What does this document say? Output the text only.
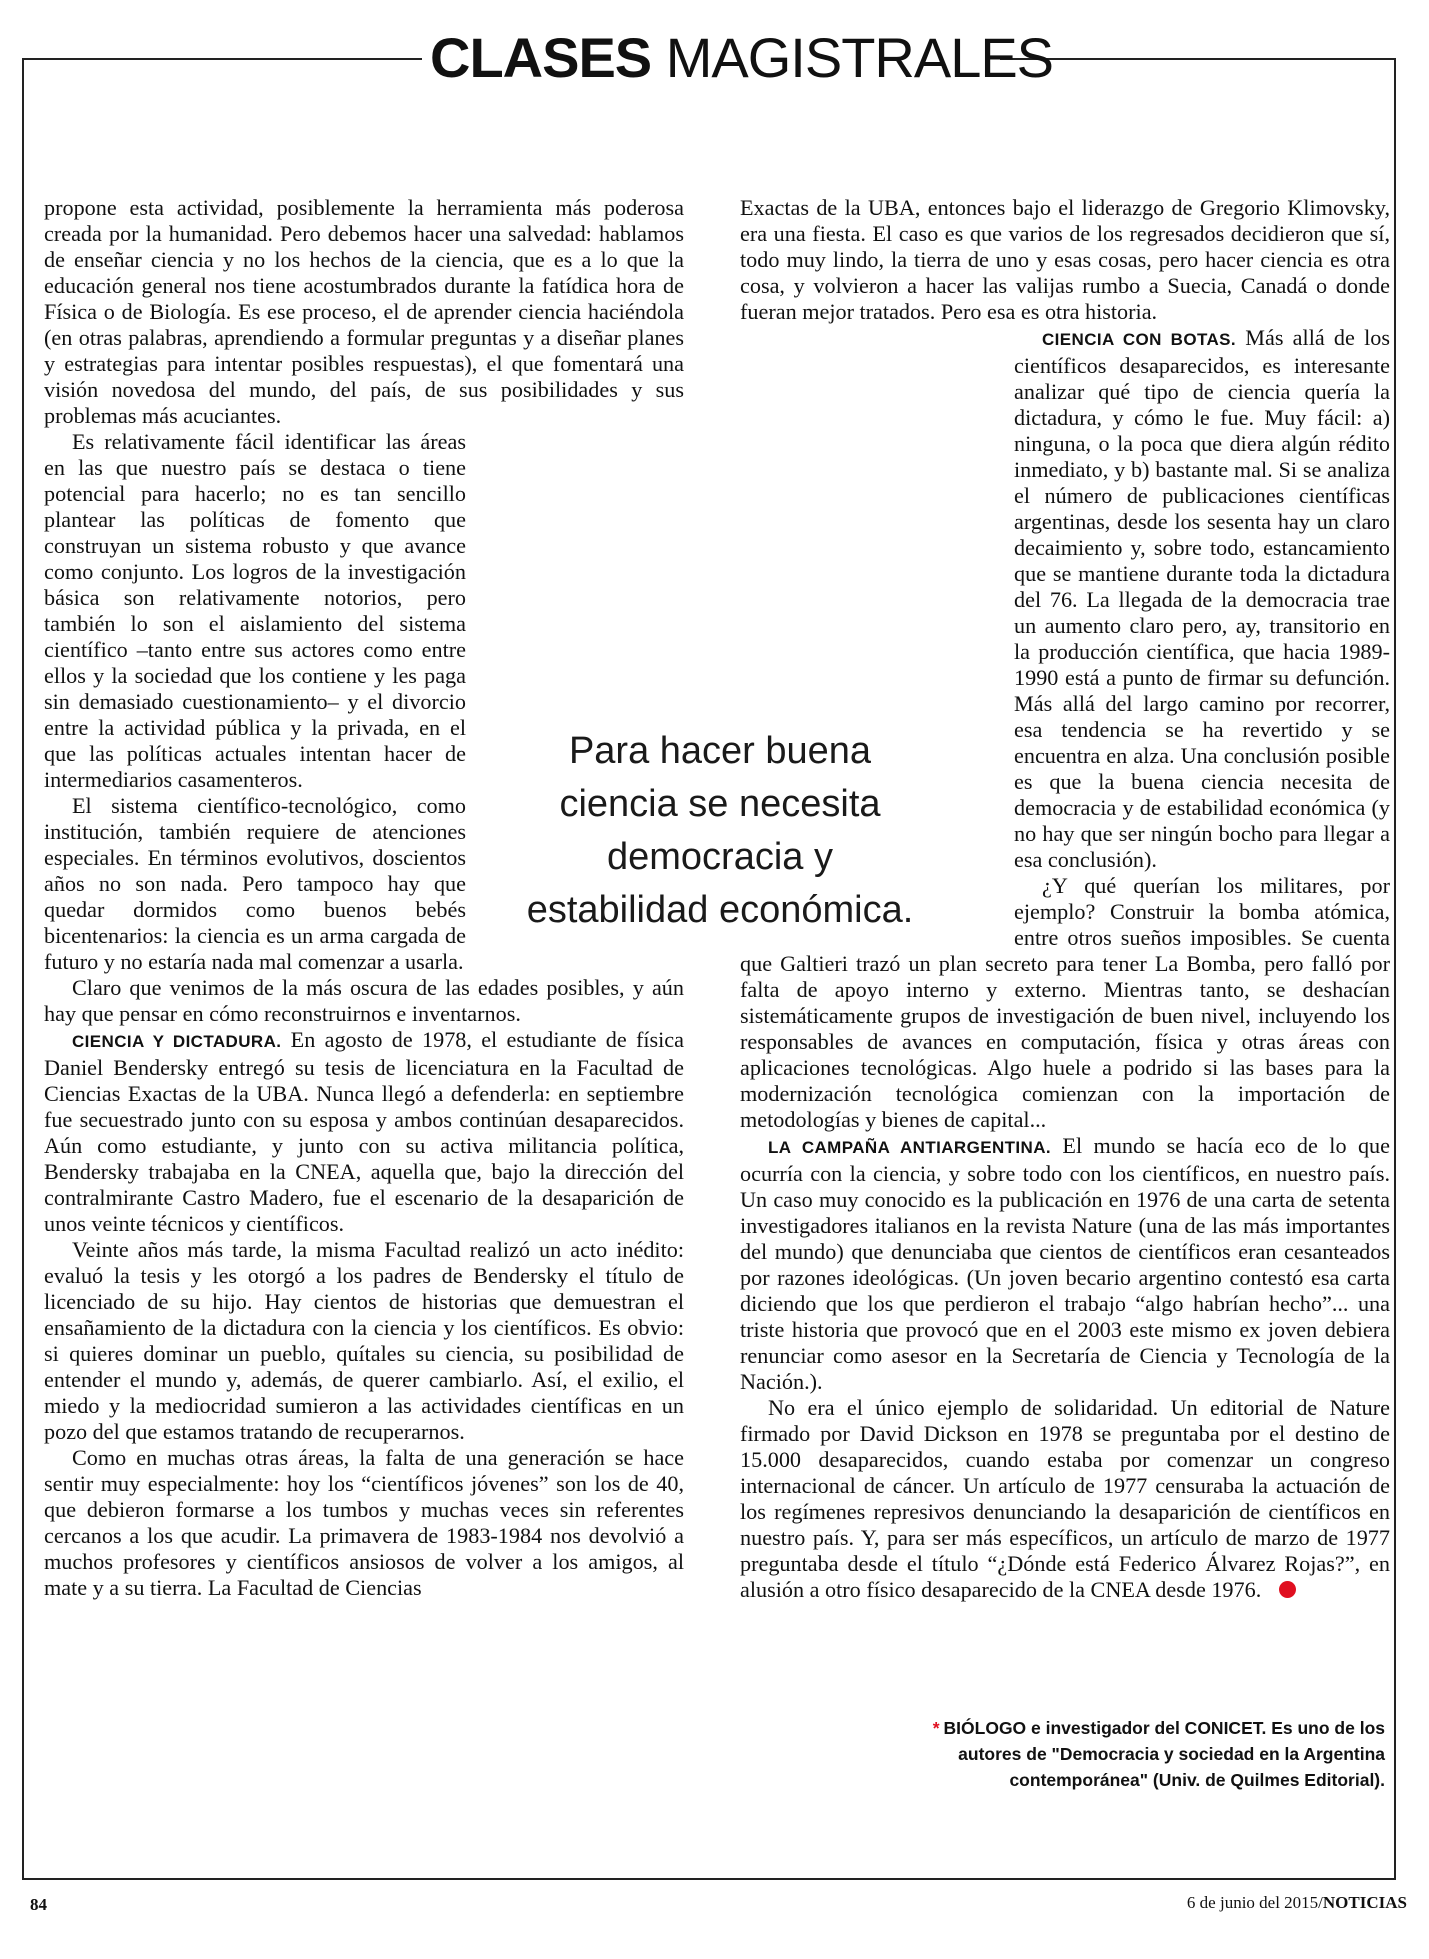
CLASES MAGISTRALES

propone esta actividad, posiblemente la herramienta más poderosa creada por la humanidad. Pero debemos hacer una salvedad: hablamos de enseñar ciencia y no los hechos de la ciencia, que es a lo que la educación general nos tiene acostumbrados durante la fatídica hora de Física o de Biología. Es ese proceso, el de aprender ciencia haciéndola (en otras palabras, aprendiendo a formular preguntas y a diseñar planes y estrategias para intentar posibles respuestas), el que fomentará una visión novedosa del mundo, del país, de sus posibilidades y sus problemas más acuciantes.

Es relativamente fácil identificar las áreas en las que nuestro país se destaca o tiene potencial para hacerlo; no es tan sencillo plantear las políticas de fomento que construyan un sistema robusto y que avance como conjunto. Los logros de la investigación básica son relativamente notorios, pero también lo son el aislamiento del sistema científico –tanto entre sus actores como entre ellos y la sociedad que los contiene y les paga sin demasiado cuestionamiento– y el divorcio entre la actividad pública y la privada, en el que las políticas actuales intentan hacer de intermediarios casamenteros.

El sistema científico-tecnológico, como institución, también requiere de atenciones especiales. En términos evolutivos, doscientos años no son nada. Pero tampoco hay que quedar dormidos como buenos bebés bicentenarios: la ciencia es un arma cargada de futuro y no estaría nada mal comenzar a usarla.

Claro que venimos de la más oscura de las edades posibles, y aún hay que pensar en cómo reconstruirnos e inventarnos.

CIENCIA Y DICTADURA. En agosto de 1978, el estudiante de física Daniel Bendersky entregó su tesis de licenciatura en la Facultad de Ciencias Exactas de la UBA. Nunca llegó a defenderla: en septiembre fue secuestrado junto con su esposa y ambos continúan desaparecidos. Aún como estudiante, y junto con su activa militancia política, Bendersky trabajaba en la CNEA, aquella que, bajo la dirección del contralmirante Castro Madero, fue el escenario de la desaparición de unos veinte técnicos y científicos.

Veinte años más tarde, la misma Facultad realizó un acto inédito: evaluó la tesis y les otorgó a los padres de Bendersky el título de licenciado de su hijo. Hay cientos de historias que demuestran el ensañamiento de la dictadura con la ciencia y los científicos. Es obvio: si quieres dominar un pueblo, quítales su ciencia, su posibilidad de entender el mundo y, además, de querer cambiarlo. Así, el exilio, el miedo y la mediocridad sumieron a las actividades científicas en un pozo del que estamos tratando de recuperarnos.

Como en muchas otras áreas, la falta de una generación se hace sentir muy especialmente: hoy los “científicos jóvenes” son los de 40, que debieron formarse a los tumbos y muchas veces sin referentes cercanos a los que acudir. La primavera de 1983-1984 nos devolvió a muchos profesores y científicos ansiosos de volver a los amigos, al mate y a su tierra. La Facultad de Ciencias

Exactas de la UBA, entonces bajo el liderazgo de Gregorio Klimovsky, era una fiesta. El caso es que varios de los regresados decidieron que sí, todo muy lindo, la tierra de uno y esas cosas, pero hacer ciencia es otra cosa, y volvieron a hacer las valijas rumbo a Suecia, Canadá o donde fueran mejor tratados. Pero esa es otra historia.

CIENCIA CON BOTAS. Más allá de los científicos desaparecidos, es interesante analizar qué tipo de ciencia quería la dictadura, y cómo le fue. Muy fácil: a) ninguna, o la poca que diera algún rédito inmediato, y b) bastante mal. Si se analiza el número de publicaciones científicas argentinas, desde los sesenta hay un claro decaimiento y, sobre todo, estancamiento que se mantiene durante toda la dictadura del 76. La llegada de la democracia trae un aumento claro pero, ay, transitorio en la producción científica, que hacia 1989-1990 está a punto de firmar su defunción. Más allá del largo camino por recorrer, esa tendencia se ha revertido y se encuentra en alza. Una conclusión posible es que la buena ciencia necesita de democracia y de estabilidad económica (y no hay que ser ningún bocho para llegar a esa conclusión).

¿Y qué querían los militares, por ejemplo? Construir la bomba atómica, entre otros sueños imposibles. Se cuenta que Galtieri trazó un plan secreto para tener La Bomba, pero falló por falta de apoyo interno y externo. Mientras tanto, se deshacían sistemáticamente grupos de investigación de buen nivel, incluyendo los responsables de avances en computación, física y otras áreas con aplicaciones tecnológicas. Algo huele a podrido si las bases para la modernización tecnológica comienzan con la importación de metodologías y bienes de capital...

LA CAMPAÑA ANTIARGENTINA. El mundo se hacía eco de lo que ocurría con la ciencia, y sobre todo con los científicos, en nuestro país. Un caso muy conocido es la publicación en 1976 de una carta de setenta investigadores italianos en la revista Nature (una de las más importantes del mundo) que denunciaba que cientos de científicos eran cesanteados por razones ideológicas. (Un joven becario argentino contestó esa carta diciendo que los que perdieron el trabajo “algo habrían hecho”... una triste historia que provocó que en el 2003 este mismo ex joven debiera renunciar como asesor en la Secretaría de Ciencia y Tecnología de la Nación.).

No era el único ejemplo de solidaridad. Un editorial de Nature firmado por David Dickson en 1978 se preguntaba por el destino de 15.000 desaparecidos, cuando estaba por comenzar un congreso internacional de cáncer. Un artículo de 1977 censuraba la actuación de los regímenes represivos denunciando la desaparición de científicos en nuestro país. Y, para ser más específicos, un artículo de marzo de 1977 preguntaba desde el título “¿Dónde está Federico Álvarez Rojas?”, en alusión a otro físico desaparecido de la CNEA desde 1976.

Para hacer buena
ciencia se necesita
democracia y
estabilidad económica.
* BIÓLOGO e investigador del CONICET. Es uno de los
autores de "Democracia y sociedad en la Argentina
contemporánea" (Univ. de Quilmes Editorial).
84	6 de junio del 2015/NOTICIAS
